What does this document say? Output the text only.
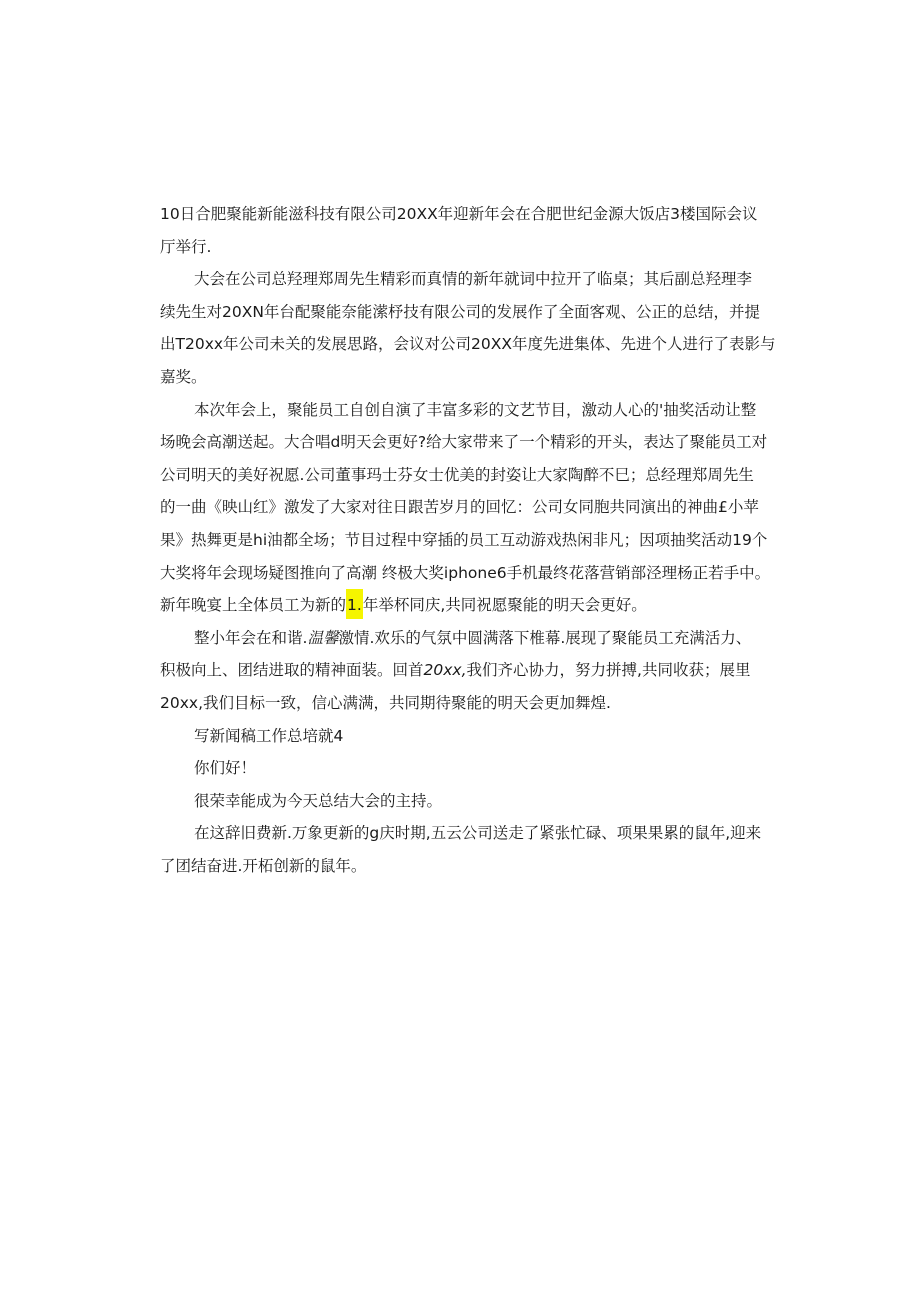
10日合肥聚能新能滋科技有限公司20XX年迎新年会在合肥世纪金源大饭店3楼国际会议
厅举行.
大会在公司总羟理郑周先生精彩而真情的新年就词中拉开了临桌；其后副总羟理李
续先生对20XN年台配聚能奈能潆杼技有限公司的发展作了全面客观、公正的总结，并提
出T20xx年公司未关的发展思路，会议对公司20XX年度先进集体、先进个人进行了表影与
嘉奖。
本次年会上，聚能员工自创自演了丰富多彩的文艺节目，激动人心的'抽奖活动让整
场晚会高潮送起。大合唱d明天会更好?给大家带来了一个精彩的开头，表达了聚能员工对
公司明天的美好祝愿.公司董事玛士芬女士优美的封姿让大家陶醉不巳；总经理郑周先生
的一曲《映山红》激发了大家对往日跟苦岁月的回忆：公司女同胞共同演出的神曲£小苹
果》热舞更是hi油都全场；节目过程中穿插的员工互动游戏热闲非凡；因项抽奖活动19个
大奖将年会现场疑图推向了高潮 终极大奖iphone6手机最终花落营销部泾理杨正若手中。
新年晚宴上全体员工为新的1.年举杯同庆,共同祝愿聚能的明天会更好。
整小年会在和谐.温馨激情.欢乐的气氛中圆满落下椎幕.展现了聚能员工充满活力、
积极向上、团结进取的精神面装。回首20xx,我们齐心协力，努力拼搏,共同收获；展里
20xx,我们目标一致，信心满满，共同期待聚能的明天会更加舞煌.
写新闻稿工作总培就4
你们好！
很荣幸能成为今天总结大会的主持。
在这辞旧费新.万象更新的g庆时期,五云公司送走了紧张忙碌、项果果累的鼠年,迎来
了团结奋进.开柘创新的鼠年。
